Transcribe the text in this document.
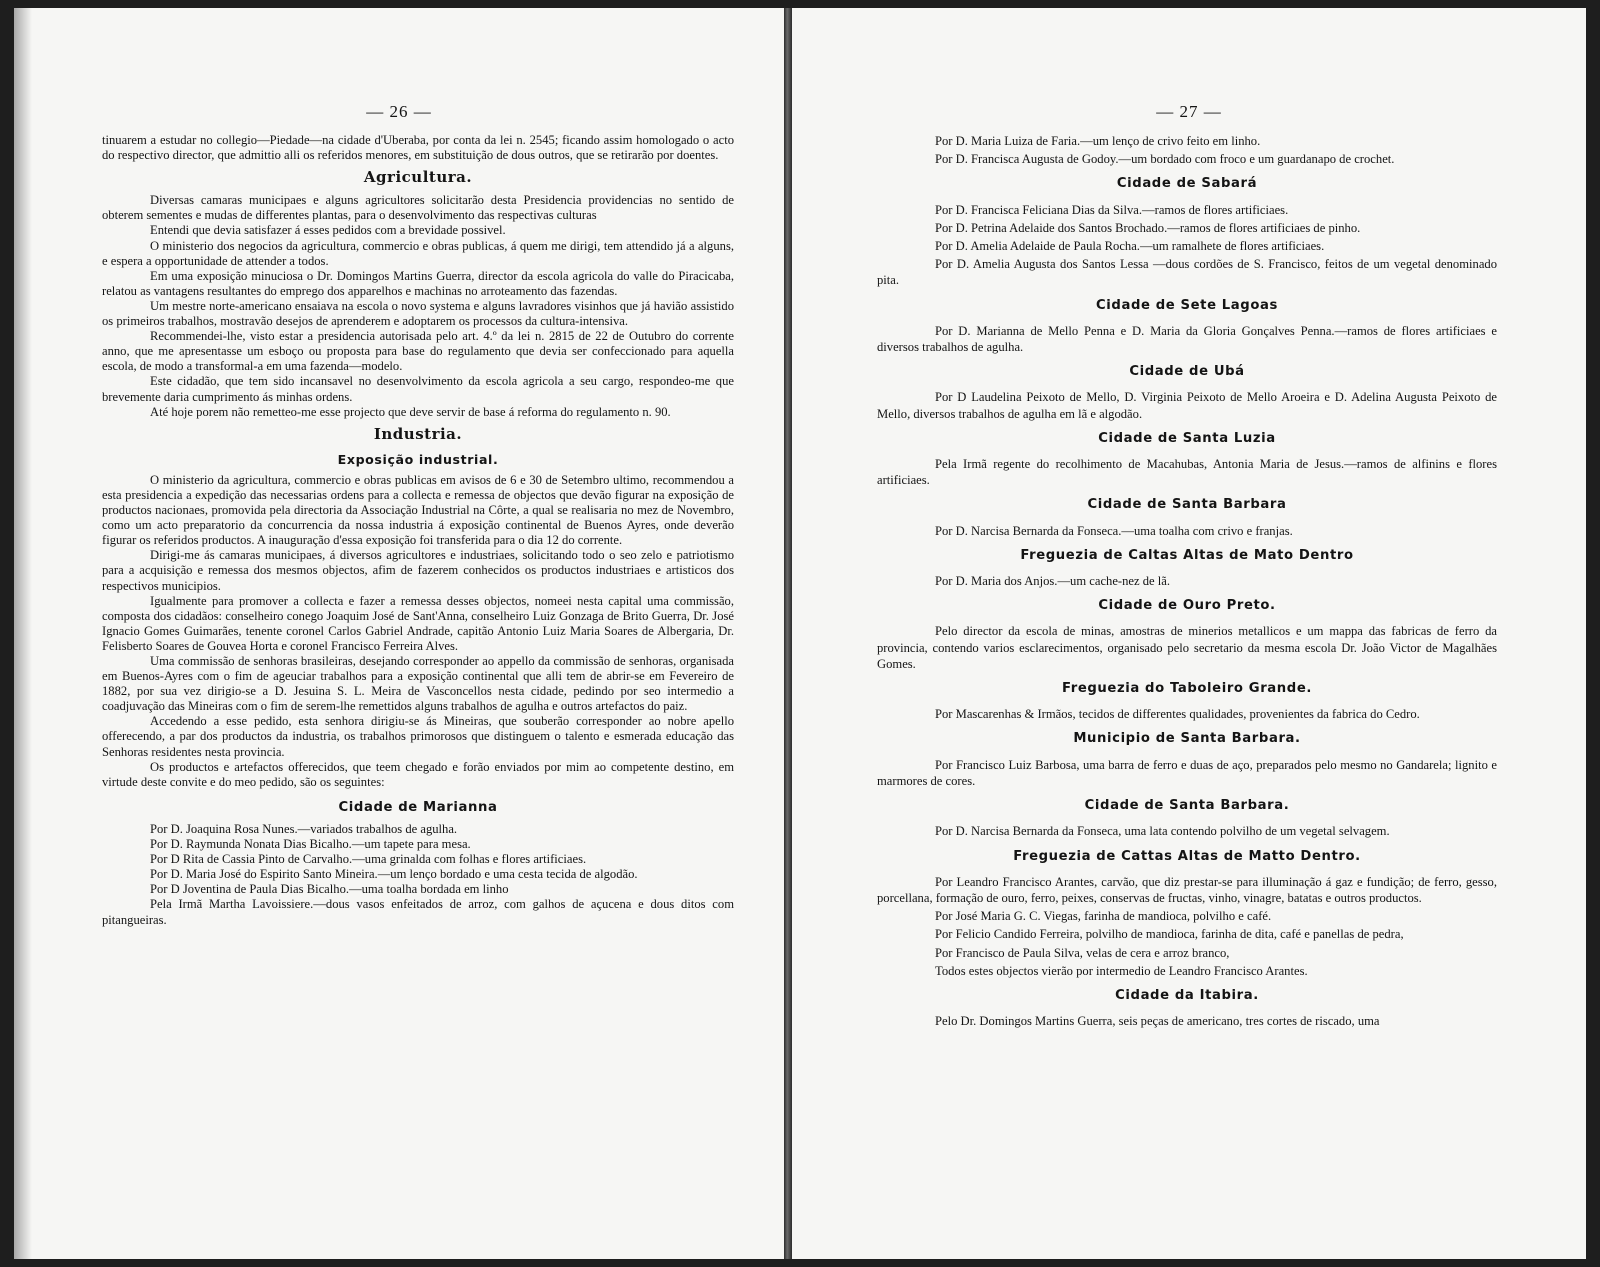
— 26 —

tinuarem a estudar no collegio—Piedade—na cidade d'Uberaba, por conta da lei n. 2545; ficando assim homologado o acto do respectivo director, que admittio alli os referidos menores, em substituição de dous outros, que se retirarão por doentes.

Agricultura.

Diversas camaras municipaes e alguns agricultores solicitarão desta Presidencia providencias no sentido de obterem sementes e mudas de differentes plantas, para o desenvolvimento das respectivas culturas

Entendi que devia satisfazer á esses pedidos com a brevidade possivel.

O ministerio dos negocios da agricultura, commercio e obras publicas, á quem me dirigi, tem attendido já a alguns, e espera a opportunidade de attender a todos.

Em uma exposição minuciosa o Dr. Domingos Martins Guerra, director da escola agricola do valle do Piracicaba, relatou as vantagens resultantes do emprego dos apparelhos e machinas no arroteamento das fazendas.

Um mestre norte-americano ensaiava na escola o novo systema e alguns lavradores visinhos que já havião assistido os primeiros trabalhos, mostravão desejos de aprenderem e adoptarem os processos da cultura-intensiva.

Recommendei-lhe, visto estar a presidencia autorisada pelo art. 4.º da lei n. 2815 de 22 de Outubro do corrente anno, que me apresentasse um esboço ou proposta para base do regulamento que devia ser confeccionado para aquella escola, de modo a transformal-a em uma fazenda—modelo.

Este cidadão, que tem sido incansavel no desenvolvimento da escola agricola a seu cargo, respondeo-me que brevemente daria cumprimento ás minhas ordens.

Até hoje porem não remetteo-me esse projecto que deve servir de base á reforma do regulamento n. 90.

Industria.
Exposição industrial.

O ministerio da agricultura, commercio e obras publicas em avisos de 6 e 30 de Setembro ultimo, recommendou a esta presidencia a expedição das necessarias ordens para a collecta e remessa de objectos que devão figurar na exposição de productos nacionaes, promovida pela directoria da Associação Industrial na Côrte, a qual se realisaria no mez de Novembro, como um acto preparatorio da concurrencia da nossa industria á exposição continental de Buenos Ayres, onde deverão figurar os referidos productos. A inauguração d'essa exposição foi transferida para o dia 12 do corrente.

Dirigi-me ás camaras municipaes, á diversos agricultores e industriaes, solicitando todo o seo zelo e patriotismo para a acquisição e remessa dos mesmos objectos, afim de fazerem conhecidos os productos industriaes e artisticos dos respectivos municipios.

Igualmente para promover a collecta e fazer a remessa desses objectos, nomeei nesta capital uma commissão, composta dos cidadãos: conselheiro conego Joaquim José de Sant'Anna, conselheiro Luiz Gonzaga de Brito Guerra, Dr. José Ignacio Gomes Guimarães, tenente coronel Carlos Gabriel Andrade, capitão Antonio Luiz Maria Soares de Albergaria, Dr. Felisberto Soares de Gouvea Horta e coronel Francisco Ferreira Alves.

Uma commissão de senhoras brasileiras, desejando corresponder ao appello da commissão de senhoras, organisada em Buenos-Ayres com o fim de ageuciar trabalhos para a exposição continental que alli tem de abrir-se em Fevereiro de 1882, por sua vez dirigio-se a D. Jesuina S. L. Meira de Vasconcellos nesta cidade, pedindo por seo intermedio a coadjuvação das Mineiras com o fim de serem-lhe remettidos alguns trabalhos de agulha e outros artefactos do paiz.

Accedendo a esse pedido, esta senhora dirigiu-se ás Mineiras, que souberão corresponder ao nobre apello offerecendo, a par dos productos da industria, os trabalhos primorosos que distinguem o talento e esmerada educação das Senhoras residentes nesta provincia.

Os productos e artefactos offerecidos, que teem chegado e forão enviados por mim ao competente destino, em virtude deste convite e do meo pedido, são os seguintes:

Cidade de Marianna

Por D. Joaquina Rosa Nunes.—variados trabalhos de agulha.

Por D. Raymunda Nonata Dias Bicalho.—um tapete para mesa.

Por D Rita de Cassia Pinto de Carvalho.—uma grinalda com folhas e flores artificiaes.

Por D. Maria José do Espirito Santo Mineira.—um lenço bordado e uma cesta tecida de algodão.

Por D Joventina de Paula Dias Bicalho.—uma toalha bordada em linho

Pela Irmã Martha Lavoissiere.—dous vasos enfeitados de arroz, com galhos de açucena e dous ditos com pitangueiras.

— 27 —

Por D. Maria Luiza de Faria.—um lenço de crivo feito em linho.

Por D. Francisca Augusta de Godoy.—um bordado com froco e um guardanapo de crochet.

Cidade de Sabará

Por D. Francisca Feliciana Dias da Silva.—ramos de flores artificiaes.

Por D. Petrina Adelaide dos Santos Brochado.—ramos de flores artificiaes de pinho.

Por D. Amelia Adelaide de Paula Rocha.—um ramalhete de flores artificiaes.

Por D. Amelia Augusta dos Santos Lessa —dous cordões de S. Francisco, feitos de um vegetal denominado pita.

Cidade de Sete Lagoas

Por D. Marianna de Mello Penna e D. Maria da Gloria Gonçalves Penna.—ramos de flores artificiaes e diversos trabalhos de agulha.

Cidade de Ubá

Por D Laudelina Peixoto de Mello, D. Virginia Peixoto de Mello Aroeira e D. Adelina Augusta Peixoto de Mello, diversos trabalhos de agulha em lã e algodão.

Cidade de Santa Luzia

Pela Irmã regente do recolhimento de Macahubas, Antonia Maria de Jesus.—ramos de alfinins e flores artificiaes.

Cidade de Santa Barbara

Por D. Narcisa Bernarda da Fonseca.—uma toalha com crivo e franjas.

Freguezia de Caltas Altas de Mato Dentro

Por D. Maria dos Anjos.—um cache-nez de lã.

Cidade de Ouro Preto.

Pelo director da escola de minas, amostras de minerios metallicos e um mappa das fabricas de ferro da provincia, contendo varios esclarecimentos, organisado pelo secretario da mesma escola Dr. João Victor de Magalhães Gomes.

Freguezia do Taboleiro Grande.

Por Mascarenhas & Irmãos, tecidos de differentes qualidades, provenientes da fabrica do Cedro.

Municipio de Santa Barbara.

Por Francisco Luiz Barbosa, uma barra de ferro e duas de aço, preparados pelo mesmo no Gandarela; lignito e marmores de cores.

Cidade de Santa Barbara.

Por D. Narcisa Bernarda da Fonseca, uma lata contendo polvilho de um vegetal selvagem.

Freguezia de Cattas Altas de Matto Dentro.

Por Leandro Francisco Arantes, carvão, que diz prestar-se para illuminação á gaz e fundição; de ferro, gesso, porcellana, formação de ouro, ferro, peixes, conservas de fructas, vinho, vinagre, batatas e outros productos.

Por José Maria G. C. Viegas, farinha de mandioca, polvilho e café.

Por Felicio Candido Ferreira, polvilho de mandioca, farinha de dita, café e panellas de pedra,

Por Francisco de Paula Silva, velas de cera e arroz branco,

Todos estes objectos vierão por intermedio de Leandro Francisco Arantes.

Cidade da Itabira.

Pelo Dr. Domingos Martins Guerra, seis peças de americano, tres cortes de riscado, uma
